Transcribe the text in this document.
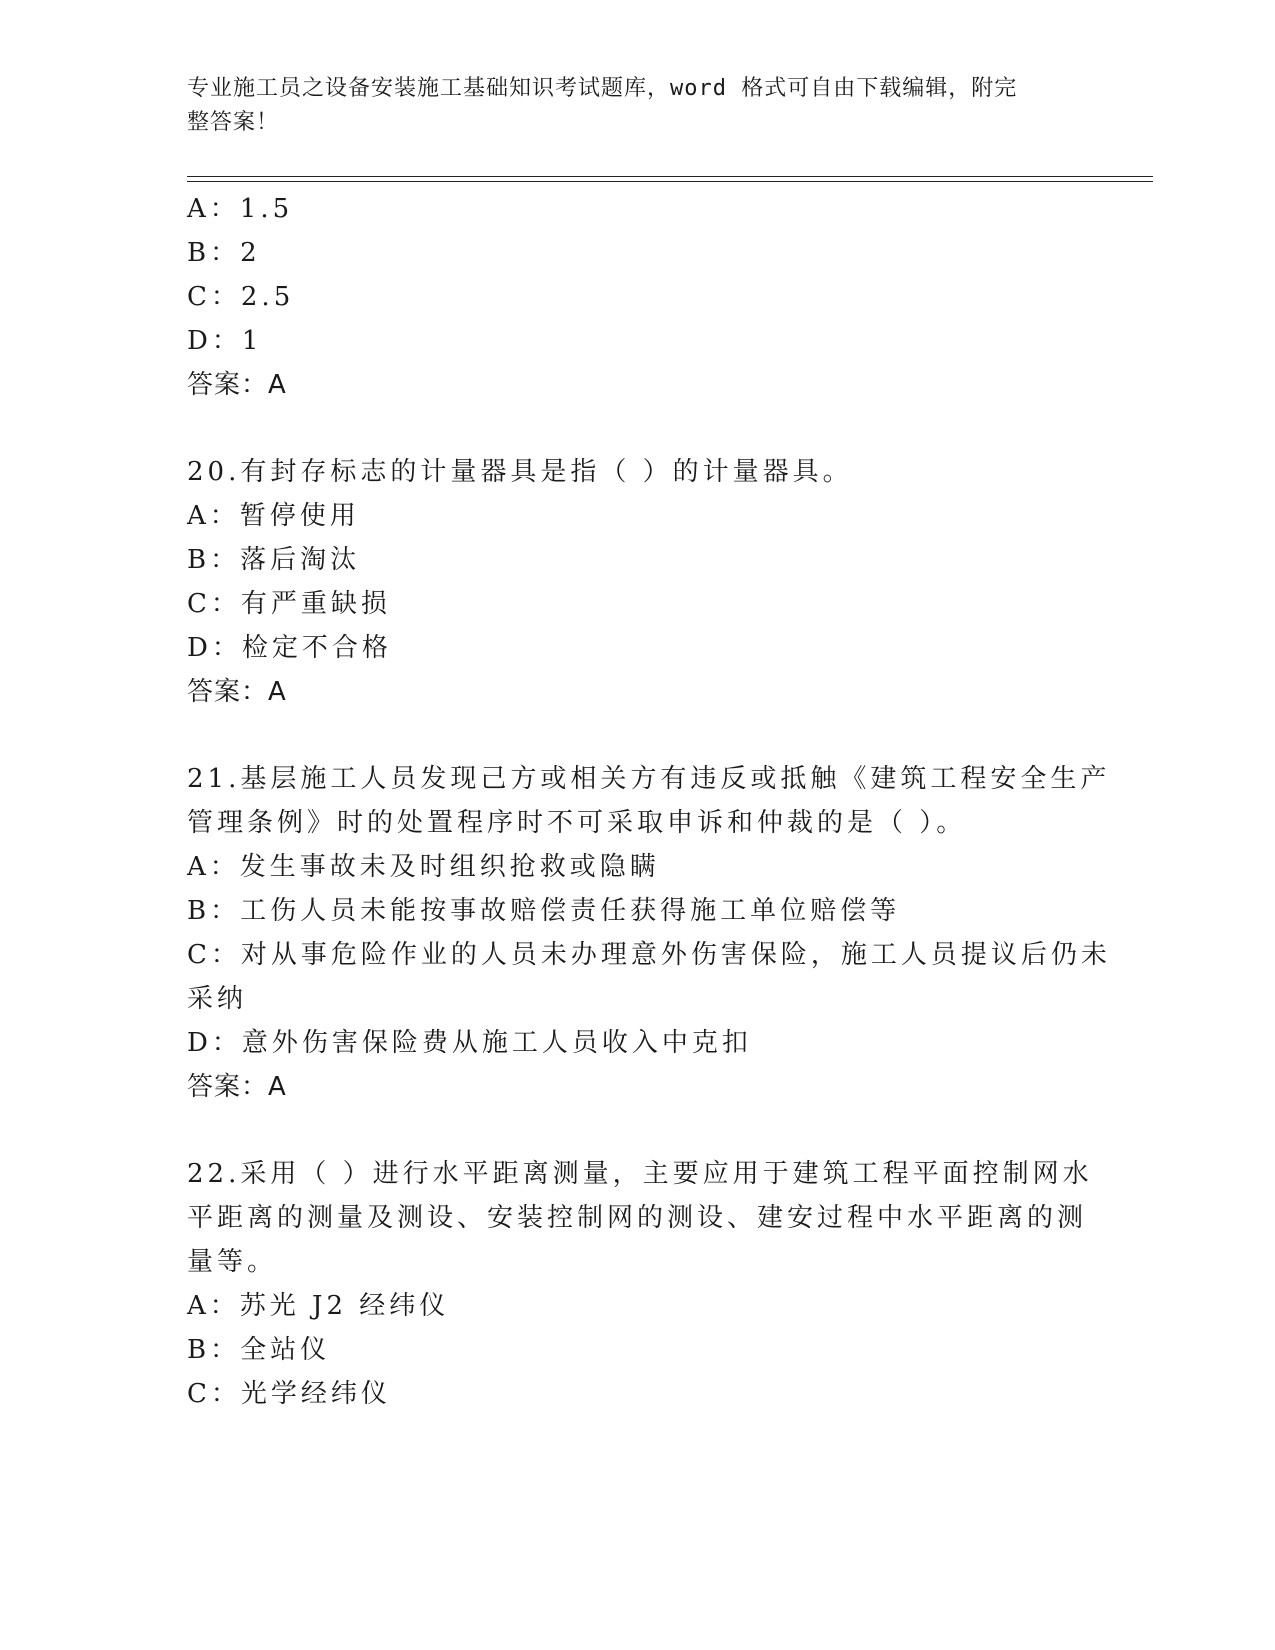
专业施工员之设备安装施工基础知识考试题库，word 格式可自由下载编辑，附完
整答案！
A：1.5
B：2
C：2.5
D：1
答案：A
20.有封存标志的计量器具是指（ ）的计量器具。
A：暂停使用
B：落后淘汰
C：有严重缺损
D：检定不合格
答案：A
21.基层施工人员发现己方或相关方有违反或抵触《建筑工程安全生产
管理条例》时的处置程序时不可采取申诉和仲裁的是（ ）。
A：发生事故未及时组织抢救或隐瞒
B：工伤人员未能按事故赔偿责任获得施工单位赔偿等
C：对从事危险作业的人员未办理意外伤害保险，施工人员提议后仍未
采纳
D：意外伤害保险费从施工人员收入中克扣
答案：A
22.采用（ ）进行水平距离测量，主要应用于建筑工程平面控制网水
平距离的测量及测设、安装控制网的测设、建安过程中水平距离的测
量等。
A：苏光 J2 经纬仪
B：全站仪
C：光学经纬仪
